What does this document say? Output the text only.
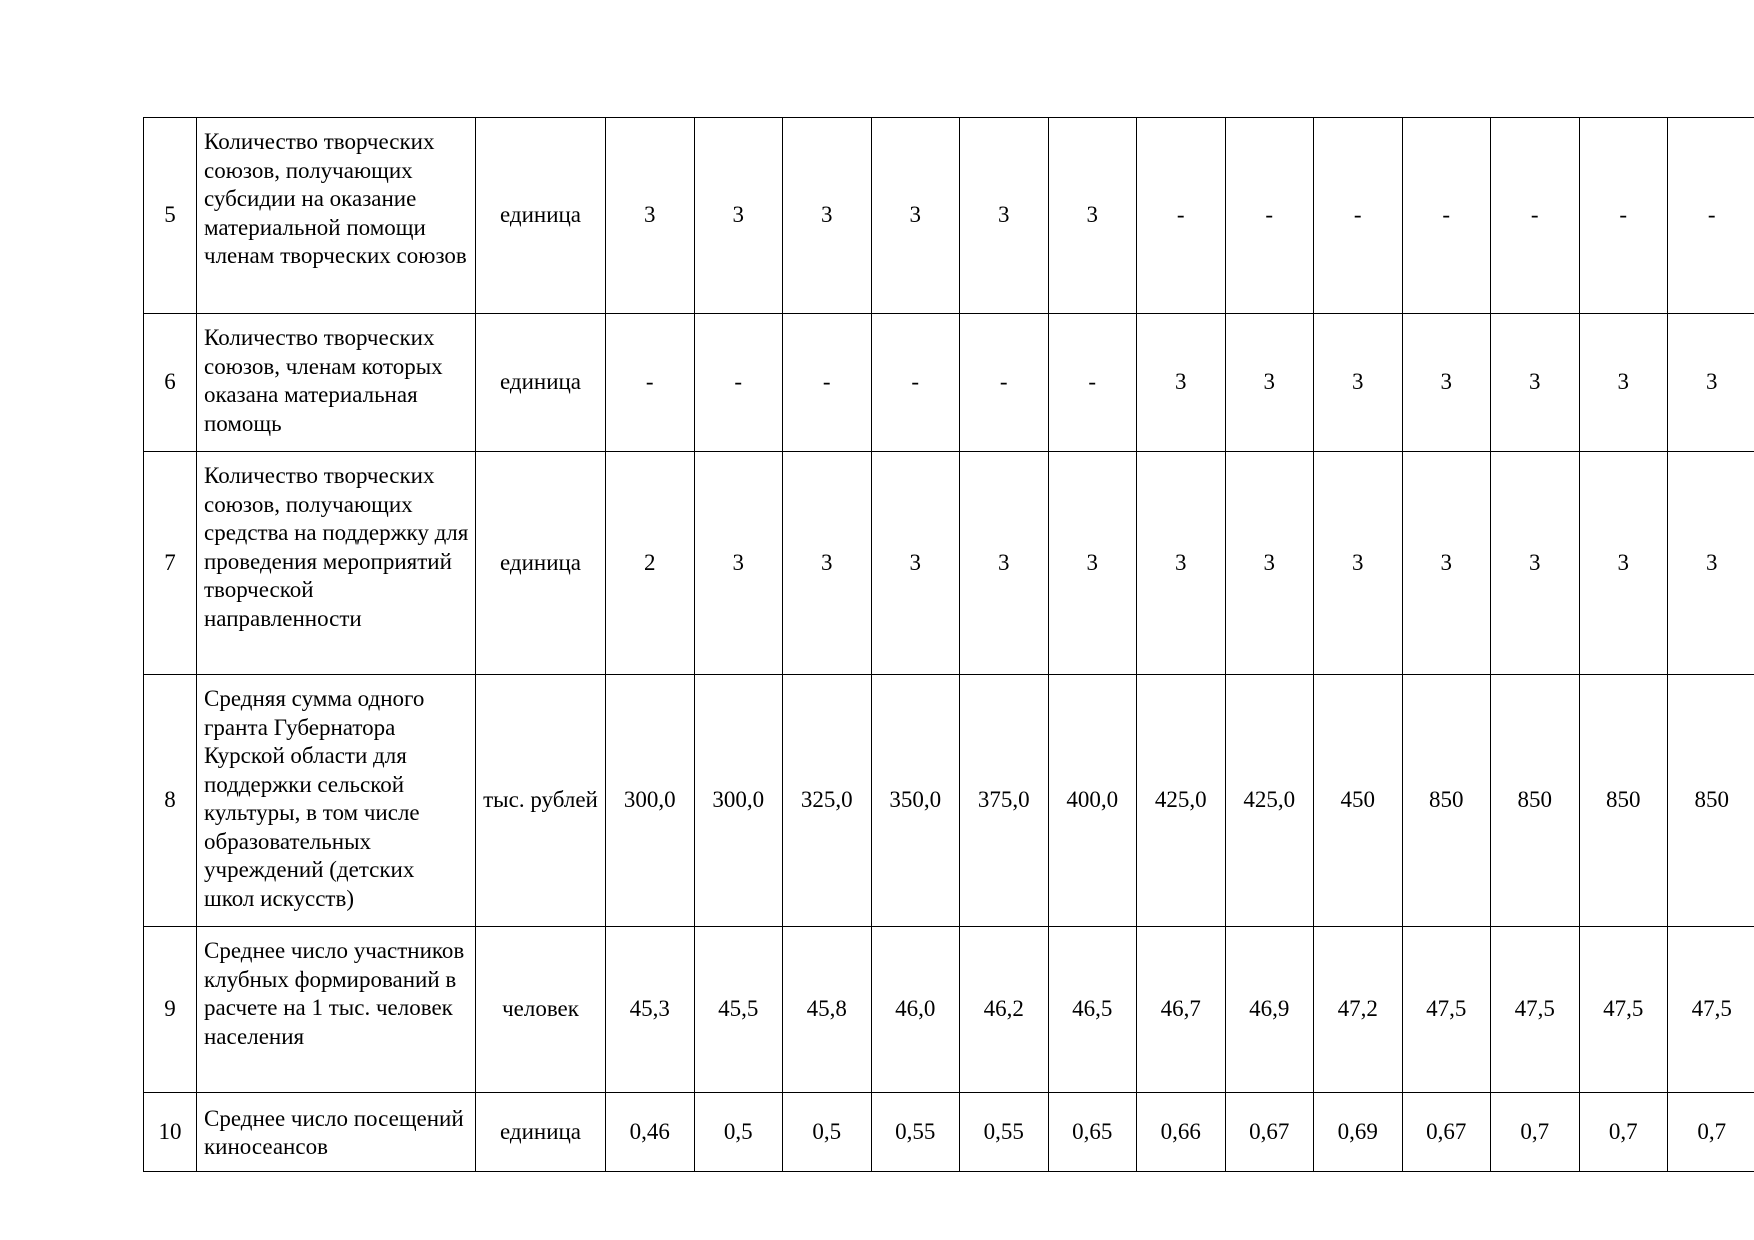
5	Количество творческих союзов, получающих субсидии на оказание материальной помощи членам творческих союзов	единица	3	3	3	3	3	3	-	-	-	-	-	-	-
6	Количество творческих союзов, членам которых оказана материальная помощь	единица	-	-	-	-	-	-	3	3	3	3	3	3	3
7	Количество творческих союзов, получающих средства на поддержку для проведения мероприятий творческой направленности	единица	2	3	3	3	3	3	3	3	3	3	3	3	3
8	Средняя сумма одного гранта Губернатора Курской области для поддержки сельской культуры, в том числе образовательных учреждений (детских школ искусств)	тыс. рублей	300,0	300,0	325,0	350,0	375,0	400,0	425,0	425,0	450	850	850	850	850
9	Среднее число участников клубных формирований в расчете на 1 тыс. человек населения	человек	45,3	45,5	45,8	46,0	46,2	46,5	46,7	46,9	47,2	47,5	47,5	47,5	47,5
10	Среднее число посещений киносеансов	единица	0,46	0,5	0,5	0,55	0,55	0,65	0,66	0,67	0,69	0,67	0,7	0,7	0,7
